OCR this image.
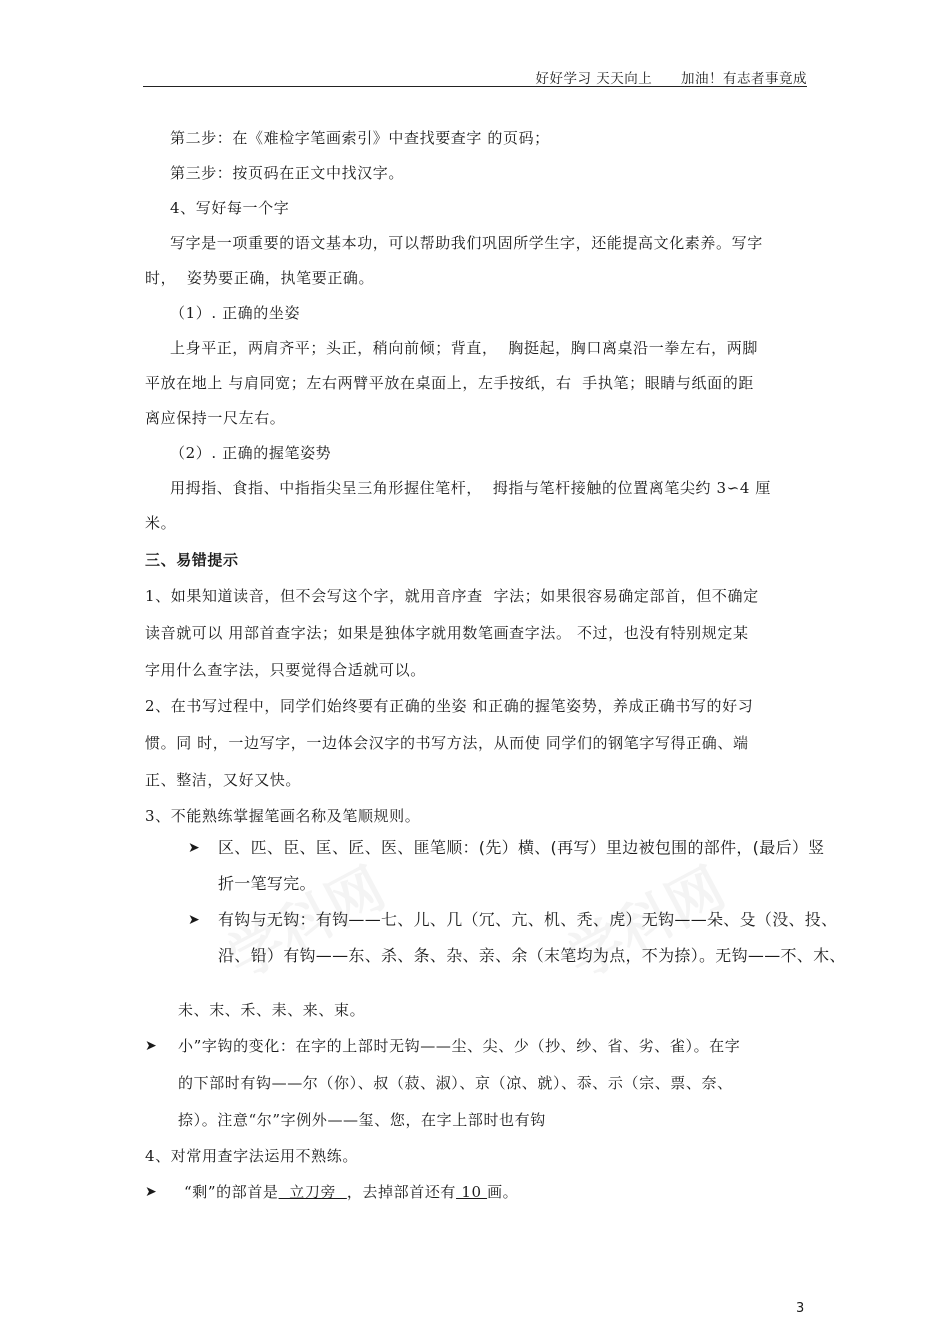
好好学习 天天向上 加油！有志者事竟成
第二步：在《难检字笔画索引》中查找要查字 的页码；
第三步：按页码在正文中找汉字。
4、写好每一个字
写字是一项重要的语文基本功，可以帮助我们巩固所学生字，还能提高文化素养。写字
时，  姿势要正确，执笔要正确。
（1）. 正确的坐姿
上身平正，两肩齐平；头正，稍向前倾；背直，  胸挺起，胸口离桌沿一拳左右，两脚
平放在地上 与肩同宽；左右两臂平放在桌面上，左手按纸，右  手执笔；眼睛与纸面的距
离应保持一尺左右。
（2）. 正确的握笔姿势
用拇指、食指、中指指尖呈三角形握住笔杆，  拇指与笔杆接触的位置离笔尖约 3∽4 厘
米。
三、易错提示
1、如果知道读音，但不会写这个字，就用音序查  字法；如果很容易确定部首，但不确定
读音就可以 用部首查字法；如果是独体字就用数笔画查字法。 不过，也没有特别规定某
字用什么查字法，只要觉得合适就可以。
2、在书写过程中，同学们始终要有正确的坐姿 和正确的握笔姿势，养成正确书写的好习
惯。同 时，一边写字，一边体会汉字的书写方法，从而使 同学们的钢笔字写得正确、端
正、整洁，又好又快。
3、不能熟练掌握笔画名称及笔顺规则。
➤ 区、匹、臣、匡、匠、医、匪笔顺：(先）横、(再写）里边被包围的部件，(最后）竖
折一笔写完。
➤ 有钩与无钩：有钩——七、儿、几（冗、亢、机、秃、虎）无钩——朵、殳（没、投、
沿、铅）有钩——东、杀、条、杂、亲、余（末笔均为点，不为捺）。无钩——不、木、
未、末、禾、耒、来、束。
➤ 小”字钩的变化：在字的上部时无钩——尘、尖、少（抄、纱、省、劣、雀）。在字
的下部时有钩——尔（你）、叔（菽、淑）、京（凉、就）、忝、示（宗、票、奈、
捺）。注意“尔”字例外——玺、您，在字上部时也有钩
4、对常用查字法运用不熟练。
➤ “剩”的部首是  立刀旁  ，去掉部首还有 10 画。
3
